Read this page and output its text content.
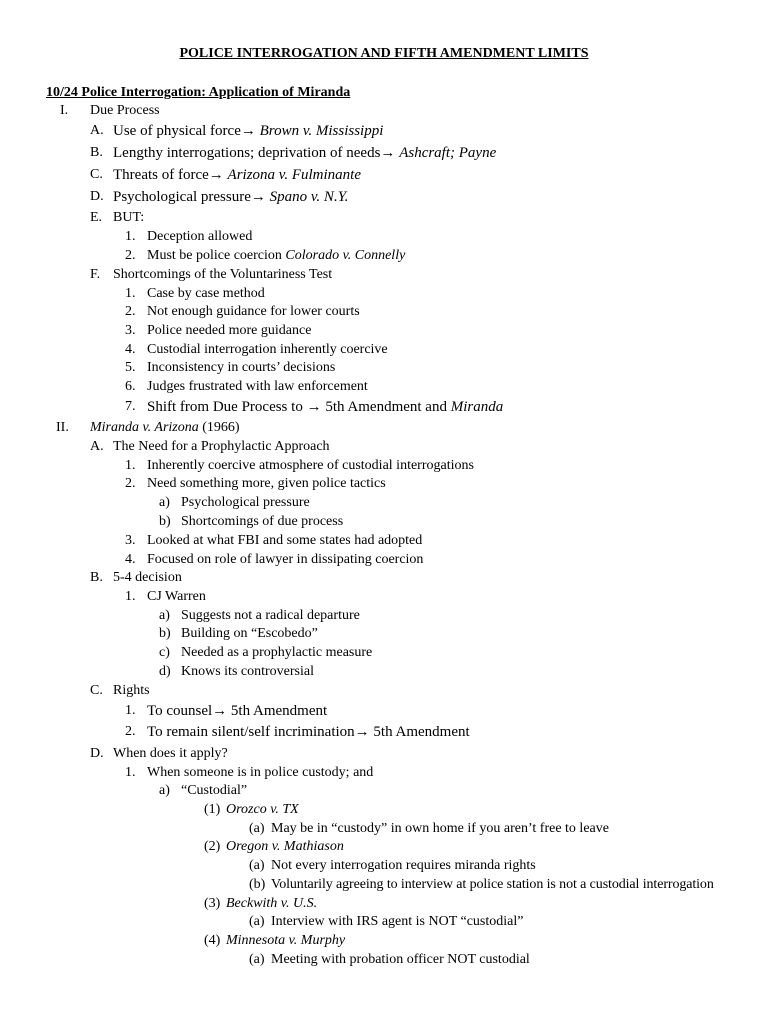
POLICE INTERROGATION AND FIFTH AMENDMENT LIMITS
10/24 Police Interrogation: Application of Miranda
I. Due Process
A. Use of physical force→ Brown v. Mississippi
B. Lengthy interrogations; deprivation of needs→ Ashcraft; Payne
C. Threats of force→ Arizona v. Fulminante
D. Psychological pressure→ Spano v. N.Y.
E. BUT:
1. Deception allowed
2. Must be police coercion Colorado v. Connelly
F. Shortcomings of the Voluntariness Test
1. Case by case method
2. Not enough guidance for lower courts
3. Police needed more guidance
4. Custodial interrogation inherently coercive
5. Inconsistency in courts’ decisions
6. Judges frustrated with law enforcement
7. Shift from Due Process to → 5th Amendment and Miranda
II. Miranda v. Arizona (1966)
A. The Need for a Prophylactic Approach
1. Inherently coercive atmosphere of custodial interrogations
2. Need something more, given police tactics
a) Psychological pressure
b) Shortcomings of due process
3. Looked at what FBI and some states had adopted
4. Focused on role of lawyer in dissipating coercion
B. 5-4 decision
1. CJ Warren
a) Suggests not a radical departure
b) Building on “Escobedo”
c) Needed as a prophylactic measure
d) Knows its controversial
C. Rights
1. To counsel→ 5th Amendment
2. To remain silent/self incrimination→ 5th Amendment
D. When does it apply?
1. When someone is in police custody; and
a) “Custodial”
(1) Orozco v. TX
(a) May be in “custody” in own home if you aren’t free to leave
(2) Oregon v. Mathiason
(a) Not every interrogation requires miranda rights
(b) Voluntarily agreeing to interview at police station is not a custodial interrogation
(3) Beckwith v. U.S.
(a) Interview with IRS agent is NOT “custodial”
(4) Minnesota v. Murphy
(a) Meeting with probation officer NOT custodial
